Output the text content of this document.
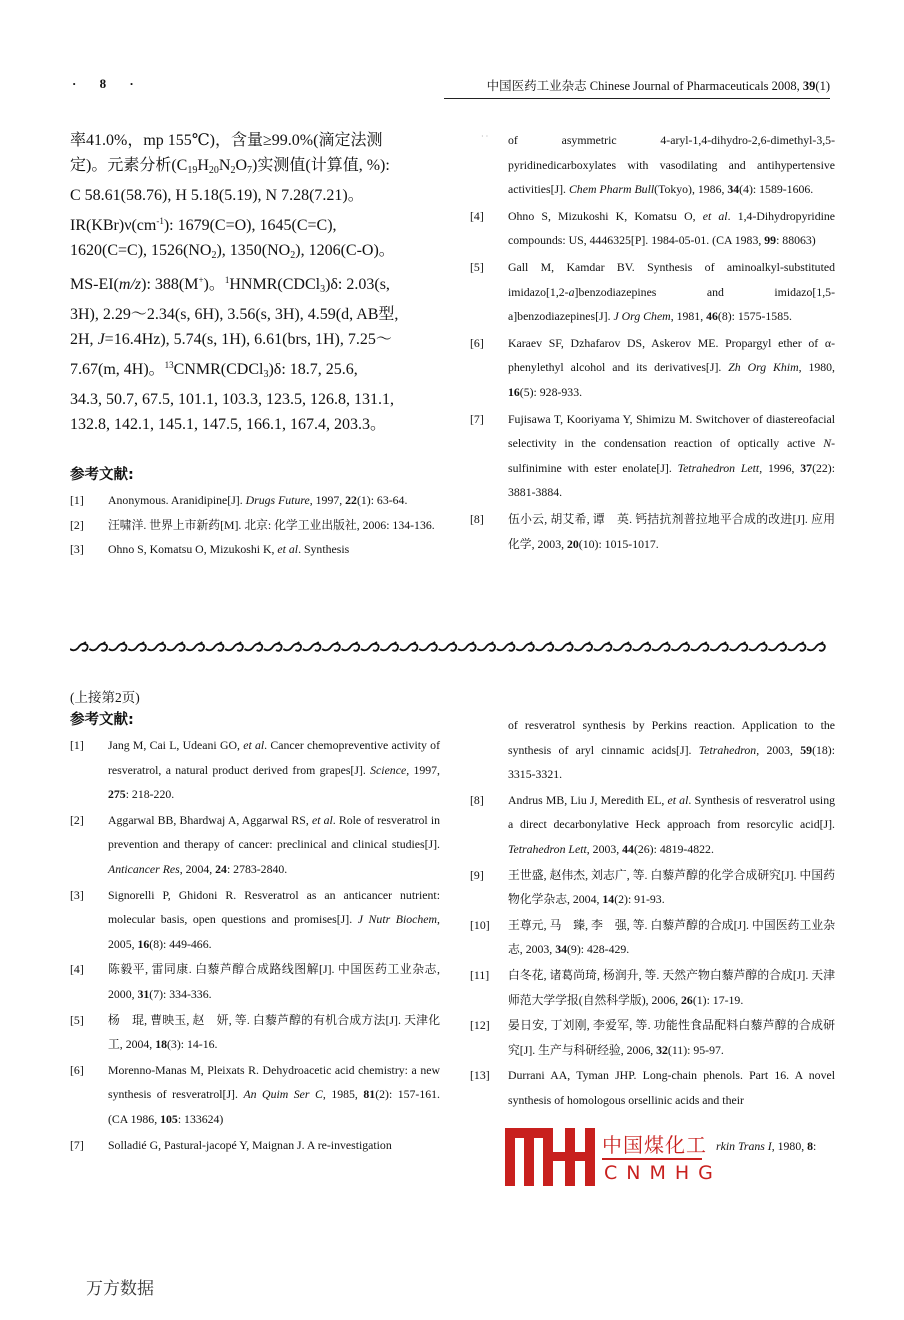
· 8 ·	中国医药工业杂志 Chinese Journal of Pharmaceuticals 2008, 39(1)

率41.0%，mp 155℃)，含量≥99.0%(滴定法测

定)。元素分析$(C_{19}H_{20}N_2O_7)$实测值(计算值, %):

C 58.61(58.76), H 5.18(5.19), N 7.28(7.21)。

$IR(KBr)\nu(cm^{-1})$: 1679(C=O), 1645(C=C),

1620(C=C), $1526(NO_2)$, $1350(NO_2)$, 1206(C-O)。

MS-EI(m/z): 388(M+)。$^1$HNMR(CDCl$_3$)δ: 2.03(s,

3H), 2.29～2.34(s, 6H), 3.56(s, 3H), 4.59(d, AB型,

2H, J=16.4Hz), 5.74(s, 1H), 6.61(brs, 1H), 7.25～

7.67(m, 4H)。$^{13}$CNMR(CDCl$_3$)δ: 18.7, 25.6,

34.3, 50.7, 67.5, 101.1, 103.3, 123.5, 126.8, 131.1,

132.8, 142.1, 145.1, 147.5, 166.1, 167.4, 203.3。

参考文献:
[1]	Anonymous. Aranidipine[J]. Drugs Future, 1997, 22(1): 63-64.
[2]	汪啸洋. 世界上市新药[M]. 北京: 化学工业出版社, 2006: 134-136.
[3]	Ohno S, Komatsu O, Mizukoshi K, et al. Synthesis
· ·	of asymmetric 4-aryl-1,4-dihydro-2,6-dimethyl-3,5-pyridinedicarboxylates with vasodilating and antihypertensive activities[J]. Chem Pharm Bull(Tokyo), 1986, 34(4): 1589-1606.
[4]	Ohno S, Mizukoshi K, Komatsu O, et al. 1,4-Dihydropyridine compounds: US, 4446325[P]. 1984-05-01. (CA 1983, 99: 88063)
[5]	Gall M, Kamdar BV. Synthesis of aminoalkyl-substituted imidazo[1,2-a]benzodiazepines and imidazo[1,5-a]benzodiazepines[J]. J Org Chem, 1981, 46(8): 1575-1585.
[6]	Karaev SF, Dzhafarov DS, Askerov ME. Propargyl ether of α-phenylethyl alcohol and its derivatives[J]. Zh Org Khim, 1980, 16(5): 928-933.
[7]	Fujisawa T, Kooriyama Y, Shimizu M. Switchover of diastereofacial selectivity in the condensation reaction of optically active N-sulfinimine with ester enolate[J]. Tetrahedron Lett, 1996, 37(22): 3881-3884.
[8]	伍小云, 胡艾希, 谭　英. 钙拮抗剂普拉地平合成的改进[J]. 应用化学, 2003, 20(10): 1015-1017.
(上接第2页)
参考文献:
[1]	Jang M, Cai L, Udeani GO, et al. Cancer chemopreventive activity of resveratrol, a natural product derived from grapes[J]. Science, 1997, 275: 218-220.
[2]	Aggarwal BB, Bhardwaj A, Aggarwal RS, et al. Role of resveratrol in prevention and therapy of cancer: preclinical and clinical studies[J]. Anticancer Res, 2004, 24: 2783-2840.
[3]	Signorelli P, Ghidoni R. Resveratrol as an anticancer nutrient: molecular basis, open questions and promises[J]. J Nutr Biochem, 2005, 16(8): 449-466.
[4]	陈毅平, 雷同康. 白藜芦醇合成路线图解[J]. 中国医药工业杂志, 2000, 31(7): 334-336.
[5]	杨　琨, 曹映玉, 赵　妍, 等. 白藜芦醇的有机合成方法[J]. 天津化工, 2004, 18(3): 14-16.
[6]	Morenno-Manas M, Pleixats R. Dehydroacetic acid chemistry: a new synthesis of resveratrol[J]. An Quim Ser C, 1985, 81(2): 157-161. (CA 1986, 105: 133624)
[7]	Solladié G, Pastural-jacopé Y, Maignan J. A re-investigation
of resveratrol synthesis by Perkins reaction. Application to the synthesis of aryl cinnamic acids[J]. Tetrahedron, 2003, 59(18): 3315-3321.
[8]	Andrus MB, Liu J, Meredith EL, et al. Synthesis of resveratrol using a direct decarbonylative Heck approach from resorcylic acid[J]. Tetrahedron Lett, 2003, 44(26): 4819-4822.
[9]	王世盛, 赵伟杰, 刘志广, 等. 白藜芦醇的化学合成研究[J]. 中国药物化学杂志, 2004, 14(2): 91-93.
[10]	王尊元, 马　臻, 李　强, 等. 白藜芦醇的合成[J]. 中国医药工业杂志, 2003, 34(9): 428-429.
[11]	白冬花, 诸葛尚琦, 杨润升, 等. 天然产物白藜芦醇的合成[J]. 天津师范大学学报(自然科学版), 2006, 26(1): 17-19.
[12]	晏日安, 丁刘刚, 李爱军, 等. 功能性食品配料白藜芦醇的合成研究[J]. 生产与科研经验, 2006, 32(11): 95-97.
[13]	Durrani AA, Tyman JHP. Long-chain phenols. Part 16. A novel synthesis of homologous orsellinic acids and their
中国煤化工
CNMHG
rkin Trans I, 1980, 8:
万方数据
